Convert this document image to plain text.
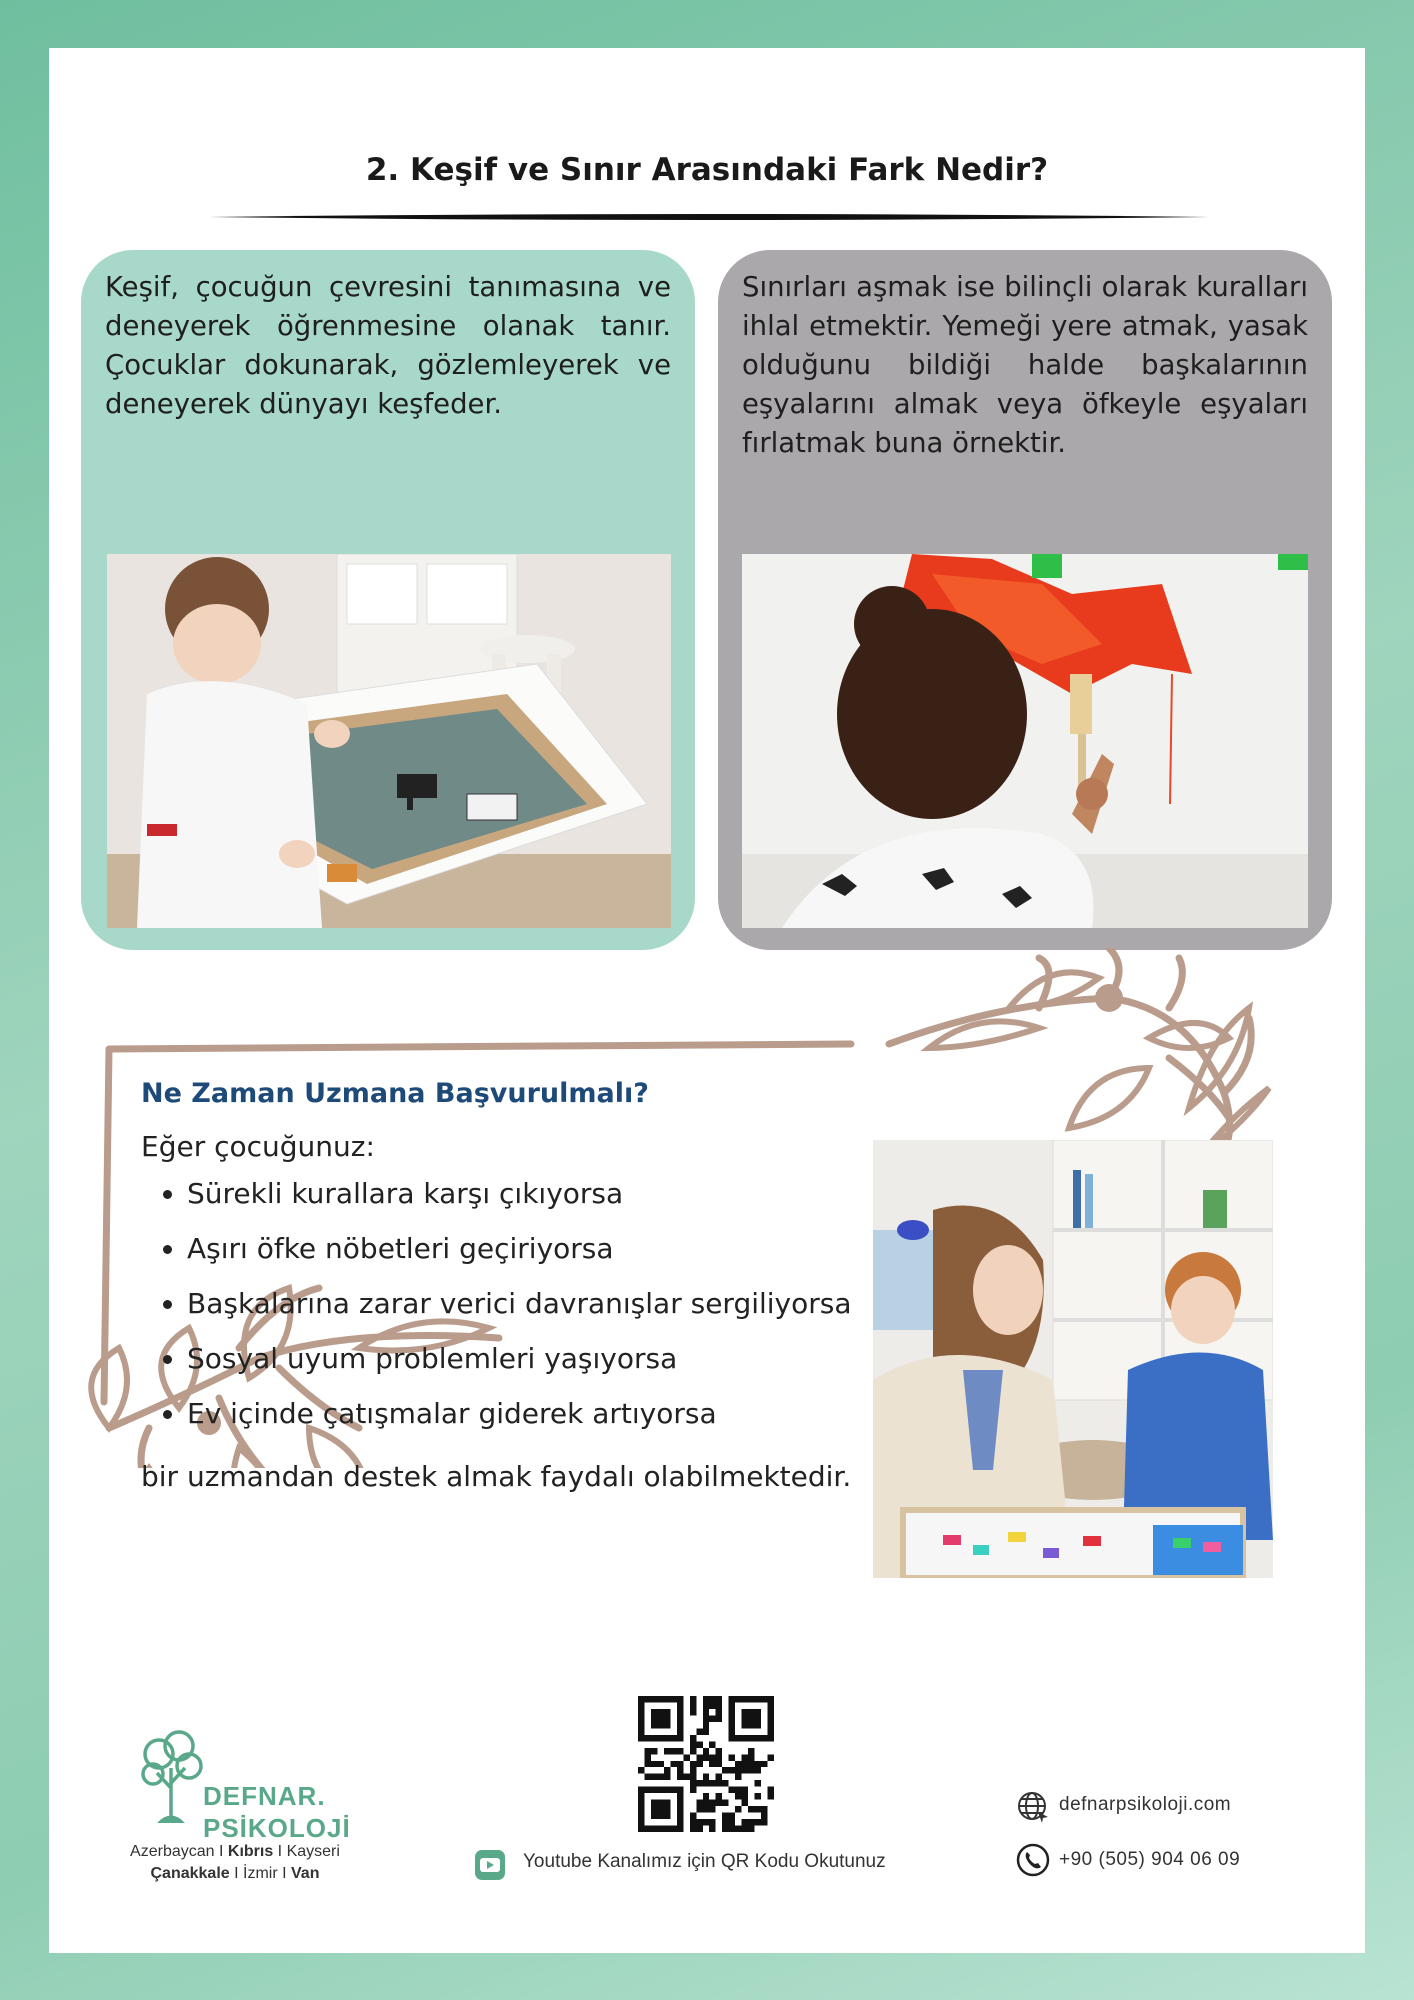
2. Keşif ve Sınır Arasındaki Fark Nedir?
Keşif, çocuğun çevresini tanımasına ve deneyerek öğrenmesine olanak tanır. Çocuklar dokunarak, gözlemleyerek ve deneyerek dünyayı keşfeder.
Sınırları aşmak ise bilinçli olarak kuralları ihlal etmektir. Yemeği yere atmak, yasak olduğunu bildiği halde başkalarının eşyalarını almak veya öfkeyle eşyaları fırlatmak buna örnektir.
Ne Zaman Uzmana Başvurulmalı?
Eğer çocuğunuz:
• Sürekli kurallara karşı çıkıyorsa
• Aşırı öfke nöbetleri geçiriyorsa
• Başkalarına zarar verici davranışlar sergiliyorsa
• Sosyal uyum problemleri yaşıyorsa
• Ev içinde çatışmalar giderek artıyorsa
bir uzmandan destek almak faydalı olabilmektedir.
DEFNAR.
PSİKOLOJİ
Azerbaycan I Kıbrıs I Kayseri
Çanakkale I İzmir I Van
Youtube Kanalımız için QR Kodu Okutunuz
defnarpsikoloji.com
+90 (505) 904 06 09
